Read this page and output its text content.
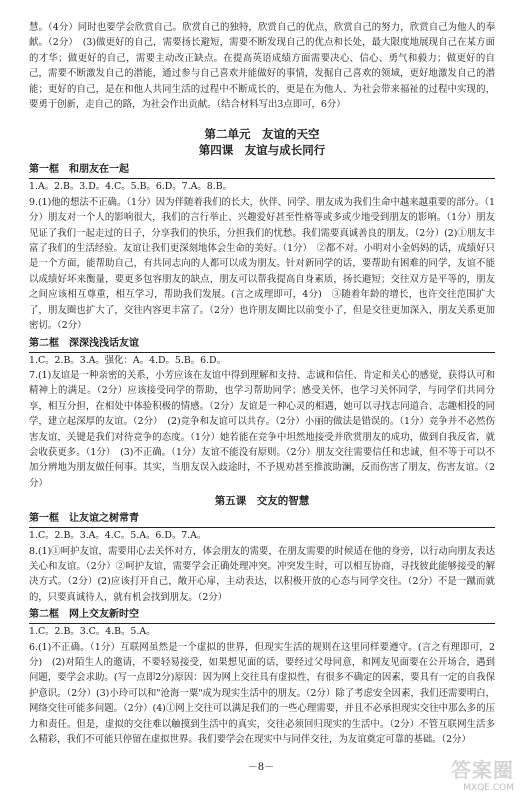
慧。（4分）同时也要学会欣赏自己。欣赏自己的独特，欣赏自己的优点，欣赏自己的努力，欣赏自己为他人的奉献。（2分）　(3)做更好的自己，需要扬长避短，需要不断发现自己的优点和长处，最大限度地展现自己在某方面的才华；做更好的自己，需要主动改正缺点。在提高英语成绩方面需要决心、信心、勇气和毅力；做更好的自己，需要不断激发自己的潜能，通过参与自己喜欢并能做好的事情，发掘自己喜欢的领域，更好地激发自己的潜能；更好的自己，是在和他人共同生活的过程中不断成长的，更是在为他人、为社会带来福祉的过程中实现的，要勇于创新，走自己的路，为社会作出贡献。（结合材料写出3点即可，6分）

第二单元　友谊的天空
第四课　友谊与成长同行
第一框　和朋友在一起

1.A。2.B。3.D。4.C。5.B。6.D。7.A。8.B。

9.(1)他的想法不正确。（1分）因为伴随着我们的长大，伙伴、同学、朋友成为我们生命中越来越重要的部分。（1分）朋友对一个人的影响很大，我们的言行举止、兴趣爱好甚至性格等或多或少地受到朋友的影响。（1分）朋友见证了我们一起走过的日子，分享我们的快乐，分担我们的忧愁。我们需要真诚善良的朋友。（2分）(2)①朋友丰富了我们的生活经验。友谊让我们更深刻地体会生命的美好。（1分）　②都不对。小明对小金妈妈的话，成绩好只是一个方面，能帮助自己，有共同志向的人都可以成为朋友。针对新同学的话，要帮助有困难的同学，友谊不能以成绩好坏来衡量，要更多包容朋友的缺点，朋友可以帮我提高自身素质，扬长避短；交往双方是平等的，朋友之间应该相互尊重，相互学习，帮助我们发展。(言之成理即可，4分)　③随着年龄的增长，也许交往范围扩大了，朋友圈也扩大了，交往内容更丰富了。（2分）也许朋友圈比以前变小了，但是交往更加深入，朋友关系更加密切。（2分）

第二框　深深浅浅话友谊

1.C。2.B。3.A。强化：A。4.D。5.B。6.D。

7.(1)友谊是一种亲密的关系，小芳应该在友谊中得到理解和支持、志诚和信任、肯定和关心的感觉，获得认可和精神上的满足。（2分）应该接受同学的帮助，也学习帮助同学；感受关怀，也学习关怀同学，与同学们共同分享，相互分担，在相处中体验积极的情感。（2分）友谊是一种心灵的相遇，她可以寻找志同道合、志趣相投的同学，建立起深厚的友谊。（2分）　(2)竞争和友谊可以共存。（2分）小丽的做法是错误的。（1分）竞争并不必然伤害友谊，关键是我们对待竞争的态度。（1分）她若能在竞争中坦然地接受并欣赏朋友的成功，做到自我反省，就会收获更多。（1分）　(3)不正确。（1分）友谊不能没有原则。（2分）朋友交往需要信任和忠诚，但不等于可以不加分辨地为朋友做任何事。其实，当朋友误入歧途时，不予规劝甚至推波助澜，反而伤害了朋友，伤害友谊。（2分）

第五课　交友的智慧
第一框　让友谊之树常青

1.C。2.B。3.A。4.C。5.A。6.D。7.A。

8.(1)①呵护友谊，需要用心去关怀对方，体会朋友的需要，在朋友需要的时候适在他的身旁，以行动向朋友表达关心和友谊。（2分）②呵护友谊，需要学会正确处理冲突。冲突发生时，可以相互协商，寻找彼此能够接受的解决方式。（2分）(2)应该打开自己，敞开心扉，主动表达，以积极开放的心态与同学交往。（2分）不是一蹴而就的，只要真诚待人，就有机会找到朋友。（2分）

第二框　网上交友新时空

1.C。2.B。3.C。4.B。5.A。

6.(1)不正确。（1分）互联网虽然是一个虚拟的世界，但现实生活的规则在这里同样要遵守。(言之有理即可，2分)　(2)对陌生人的邀请，不要轻易接受，如果想见面的话，要经过父母同意，和网友见面要在公开场合，遇到问题，要学会求助。(写一点即2分)原因：因为网上交往具有虚拟性，有很多不确定的因素，要具有一定的自我保护意识。（2分）(3)小玲可以和"沧海一粟"成为现实生活中的朋友。（2分）除了考虑安全因素，我们还需要明白，网络交往可能多问题。（2分）(4)①网上交往可以满足我们的一些心理需要，并且不必承担现实交往中那么多的压力和责任。但是，虚拟的交往难以触摸到生活中的真实，交往必须回归现实的生活中。（2分）不管互联网生活多么精彩，我们不可能只停留在虚拟世界。我们要学会在现实中与同伴交往，为友谊奠定可靠的基础。（2分）

－8－	答案圈
MXQE.COM
